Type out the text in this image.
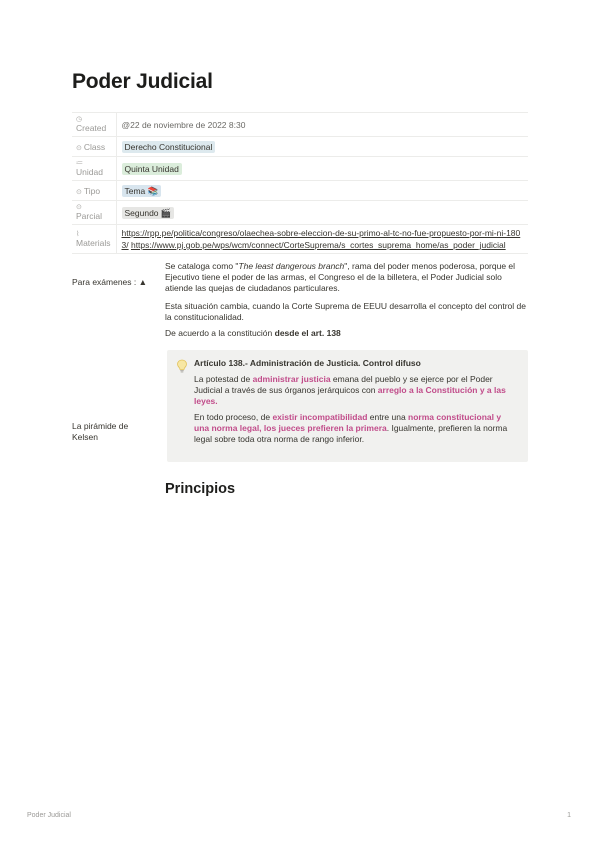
Poder Judicial
◷
Created	@22 de noviembre de 2022 8:30
⊙ Class	Derecho Constitucional

≔
Unidad	Quinta Unidad
⊙ Tipo	Tema 📚

⊙
Parcial	Segundo 🎬

⌇
Materials	https://rpp.pe/politica/congreso/olaechea-sobre-eleccion-de-su-primo-al-tc-no-fue-propuesto-por-mi-ni-1803/ https://www.pj.gob.pe/wps/wcm/connect/CorteSuprema/s_cortes_suprema_home/as_poder_judicial
Para exámenes : ▲
Se cataloga como "The least dangerous branch", rama del poder menos poderosa, porque el Ejecutivo tiene el poder de las armas, el Congreso el de la billetera, el Poder Judicial solo atiende las quejas de ciudadanos particulares.
Esta situación cambia, cuando la Corte Suprema de EEUU desarrolla el concepto del control de la constitucionalidad.
De acuerdo a la constitución desde el art. 138
La pirámide de Kelsen
Artículo 138.- Administración de Justicia. Control difuso
La potestad de administrar justicia emana del pueblo y se ejerce por el Poder Judicial a través de sus órganos jerárquicos con arreglo a la Constitución y a las leyes.
En todo proceso, de existir incompatibilidad entre una norma constitucional y una norma legal, los jueces prefieren la primera. Igualmente, prefieren la norma legal sobre toda otra norma de rango inferior.
Principios
Poder Judicial	1
